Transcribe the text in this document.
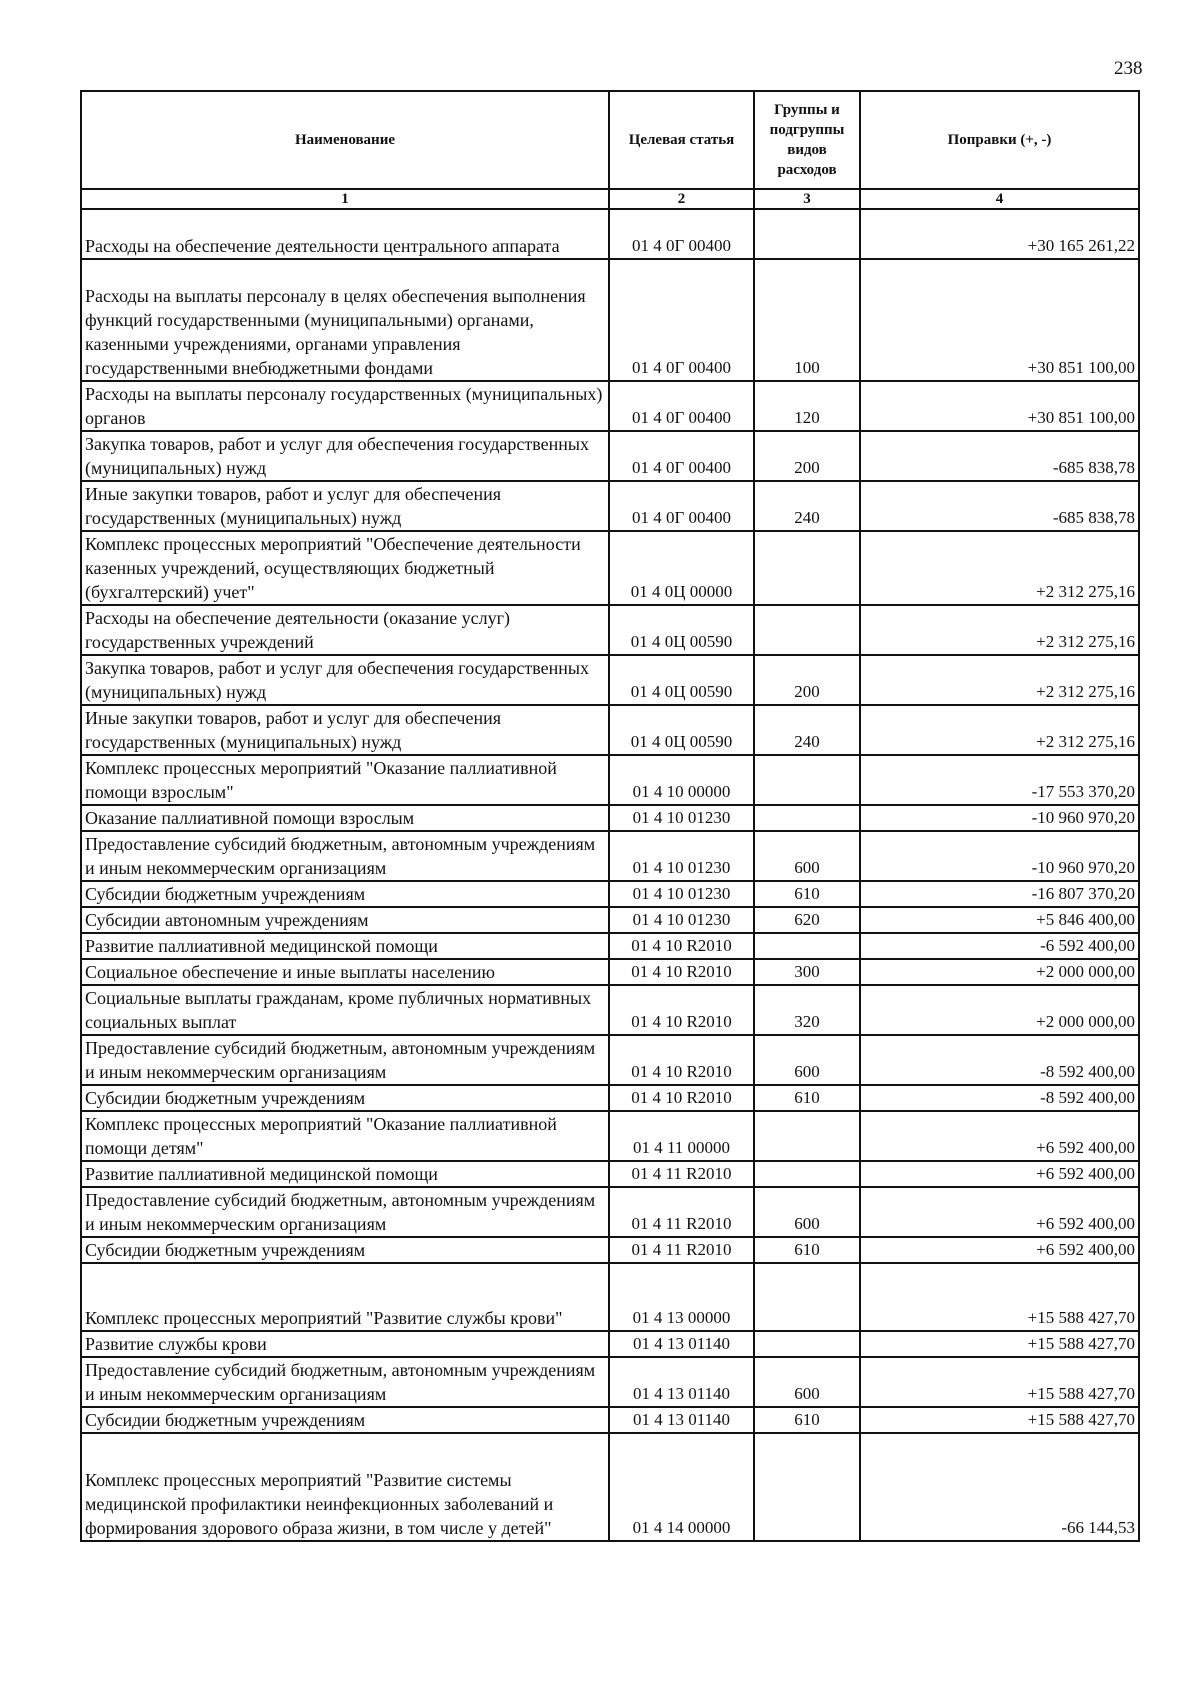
238
Наименование	Целевая статья	Группы и подгруппы видов расходов	Поправки (+, -)
1	2	3	4
Расходы на обеспечение деятельности центрального аппарата	01 4 0Г 00400		+30 165 261,22
Расходы на выплаты персоналу в целях обеспечения выполнения функций государственными (муниципальными) органами, казенными учреждениями, органами управления государственными внебюджетными фондами	01 4 0Г 00400	100	+30 851 100,00
Расходы на выплаты персоналу государственных (муниципальных) органов	01 4 0Г 00400	120	+30 851 100,00
Закупка товаров, работ и услуг для обеспечения государственных (муниципальных) нужд	01 4 0Г 00400	200	-685 838,78
Иные закупки товаров, работ и услуг для обеспечения государственных (муниципальных) нужд	01 4 0Г 00400	240	-685 838,78
Комплекс процессных мероприятий "Обеспечение деятельности казенных учреждений, осуществляющих бюджетный (бухгалтерский) учет"	01 4 0Ц 00000		+2 312 275,16
Расходы на обеспечение деятельности (оказание услуг) государственных учреждений	01 4 0Ц 00590		+2 312 275,16
Закупка товаров, работ и услуг для обеспечения государственных (муниципальных) нужд	01 4 0Ц 00590	200	+2 312 275,16
Иные закупки товаров, работ и услуг для обеспечения государственных (муниципальных) нужд	01 4 0Ц 00590	240	+2 312 275,16
Комплекс процессных мероприятий "Оказание паллиативной помощи взрослым"	01 4 10 00000		-17 553 370,20
Оказание паллиативной помощи взрослым	01 4 10 01230		-10 960 970,20
Предоставление субсидий бюджетным, автономным учреждениям и иным некоммерческим организациям	01 4 10 01230	600	-10 960 970,20
Субсидии бюджетным учреждениям	01 4 10 01230	610	-16 807 370,20
Субсидии автономным учреждениям	01 4 10 01230	620	+5 846 400,00
Развитие паллиативной медицинской помощи	01 4 10 R2010		-6 592 400,00
Социальное обеспечение и иные выплаты населению	01 4 10 R2010	300	+2 000 000,00
Социальные выплаты гражданам, кроме публичных нормативных социальных выплат	01 4 10 R2010	320	+2 000 000,00
Предоставление субсидий бюджетным, автономным учреждениям и иным некоммерческим организациям	01 4 10 R2010	600	-8 592 400,00
Субсидии бюджетным учреждениям	01 4 10 R2010	610	-8 592 400,00
Комплекс процессных мероприятий "Оказание паллиативной помощи детям"	01 4 11 00000		+6 592 400,00
Развитие паллиативной медицинской помощи	01 4 11 R2010		+6 592 400,00
Предоставление субсидий бюджетным, автономным учреждениям и иным некоммерческим организациям	01 4 11 R2010	600	+6 592 400,00
Субсидии бюджетным учреждениям	01 4 11 R2010	610	+6 592 400,00
Комплекс процессных мероприятий "Развитие службы крови"	01 4 13 00000		+15 588 427,70
Развитие службы крови	01 4 13 01140		+15 588 427,70
Предоставление субсидий бюджетным, автономным учреждениям и иным некоммерческим организациям	01 4 13 01140	600	+15 588 427,70
Субсидии бюджетным учреждениям	01 4 13 01140	610	+15 588 427,70
Комплекс процессных мероприятий "Развитие системы медицинской профилактики неинфекционных заболеваний и формирования здорового образа жизни, в том числе у детей"	01 4 14 00000		-66 144,53
